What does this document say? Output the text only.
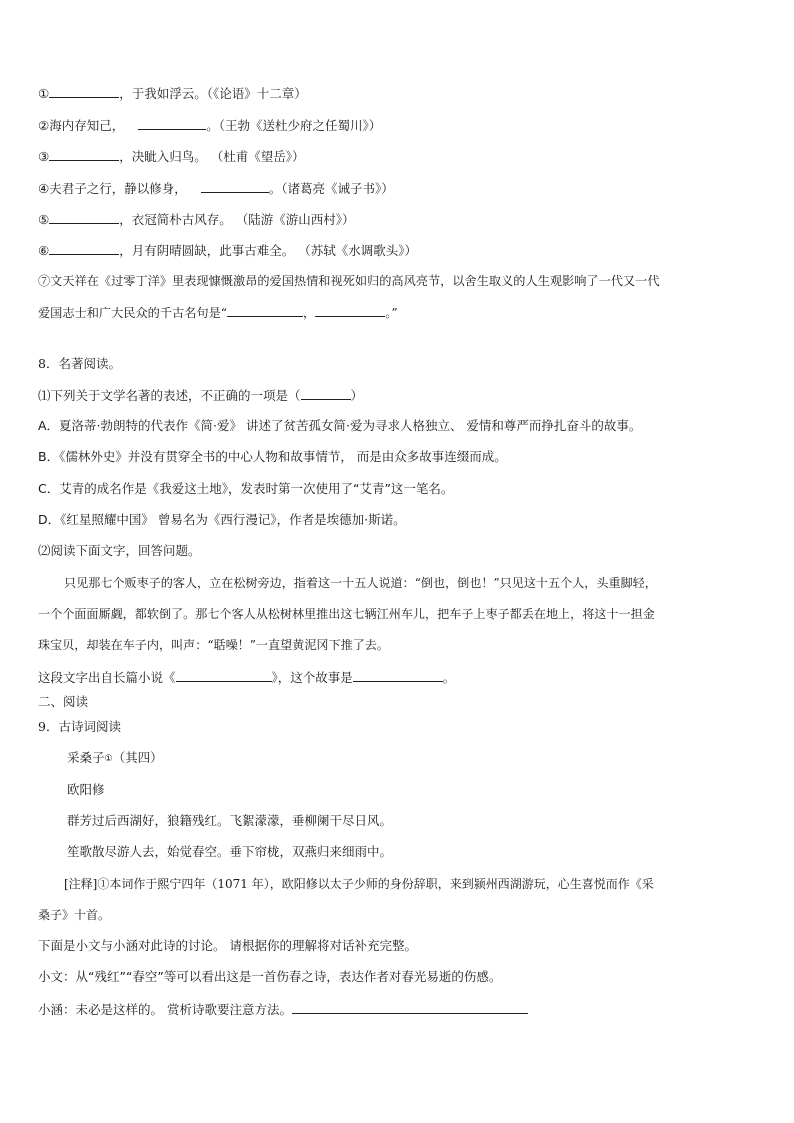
①	，于我如浮云。（《论语》十二章）
②海内存知己，	。（王勃《送杜少府之任蜀川》）
③	，决眦入归鸟。 （杜甫《望岳》）
④夫君子之行，静以修身，	。（诸葛亮《诫子书》）
⑤	，衣冠简朴古风存。 （陆游《游山西村》）
⑥	，月有阴晴圆缺，此事古难全。 （苏轼《水调歌头》）
⑦文天祥在《过零丁洋》里表现慷慨激昂的爱国热情和视死如归的高风亮节，以舍生取义的人生观影响了一代又一代
爱国志士和广大民众的千古名句是“	，	。”
8．名著阅读。
⑴下列关于文学名著的表述，不正确的一项是（	）
A．夏洛蒂·勃朗特的代表作《简·爱》 讲述了贫苦孤女简·爱为寻求人格独立、 爱情和尊严而挣扎奋斗的故事。
B．《儒林外史》并没有贯穿全书的中心人物和故事情节， 而是由众多故事连缀而成。
C．艾青的成名作是《我爱这土地》，发表时第一次使用了“艾青”这一笔名。
D．《红星照耀中国》 曾易名为《西行漫记》，作者是埃德加·斯诺。
⑵阅读下面文字，回答问题。
只见那七个贩枣子的客人，立在松树旁边，指着这一十五人说道：“倒也，倒也！”只见这十五个人，头重脚轻，
一个个面面厮觑，都软倒了。那七个客人从松树林里推出这七辆江州车儿，把车子上枣子都丢在地上，将这十一担金
珠宝贝，却装在车子内，叫声：“聒噪！”一直望黄泥冈下推了去。
这段文字出自长篇小说《	》，这个故事是	。
二、阅读
9．古诗词阅读
采桑子①（其四）
欧阳修
群芳过后西湖好，狼籍残红。飞絮濛濛，垂柳阑干尽日风。
笙歌散尽游人去，始觉春空。垂下帘栊，双燕归来细雨中。
[注释]①本词作于熙宁四年（1071 年），欧阳修以太子少师的身份辞职，来到颍州西湖游玩，心生喜悦而作《采
桑子》十首。
下面是小文与小涵对此诗的讨论。 请根据你的理解将对话补充完整。
小文：从“残红”“春空”等可以看出这是一首伤春之诗，表达作者对春光易逝的伤感。
小涵：未必是这样的。 赏析诗歌要注意方法。
